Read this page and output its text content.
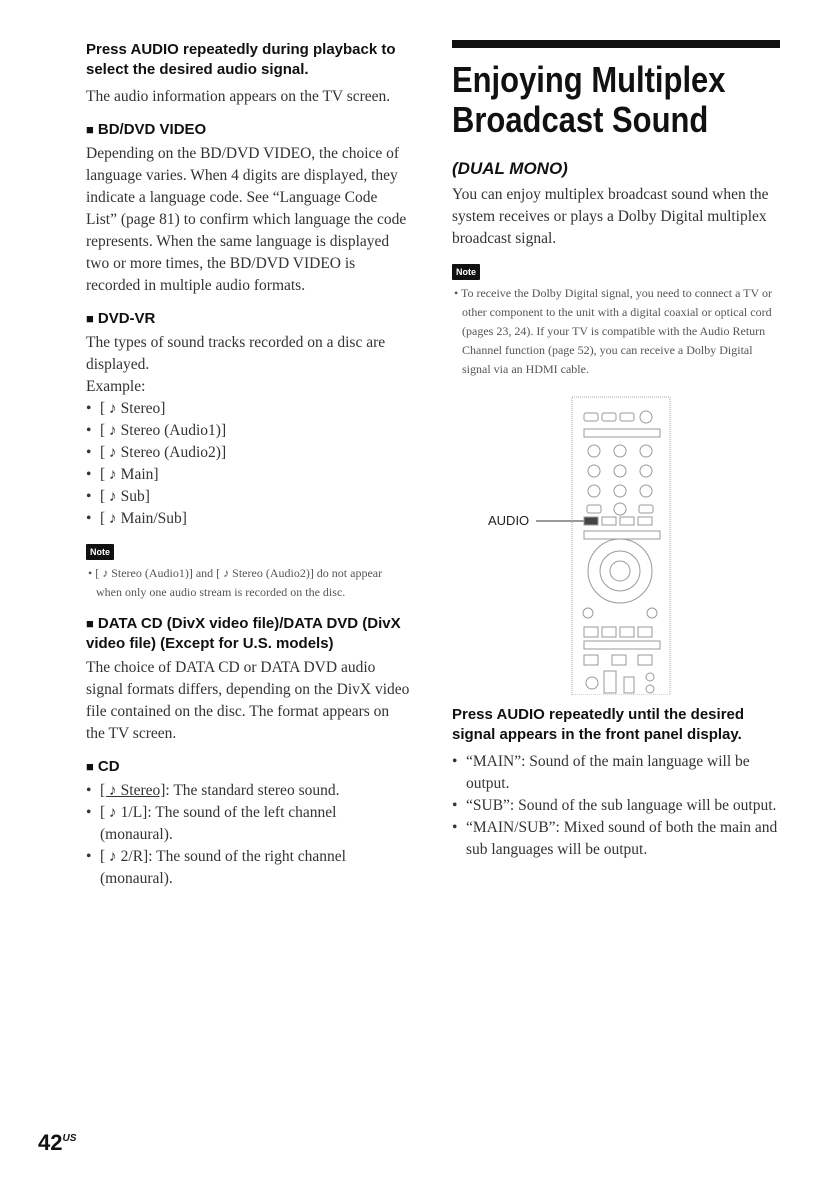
Press AUDIO repeatedly during playback to select the desired audio signal.

The audio information appears on the TV screen.

■ BD/DVD VIDEO

Depending on the BD/DVD VIDEO, the choice of language varies. When 4 digits are displayed, they indicate a language code. See “Language Code List” (page 81) to confirm which language the code represents. When the same language is displayed two or more times, the BD/DVD VIDEO is recorded in multiple audio formats.

■ DVD-VR

The types of sound tracks recorded on a disc are displayed.

Example:

• [ ♪ Stereo]
• [ ♪ Stereo (Audio1)]
• [ ♪ Stereo (Audio2)]
• [ ♪ Main]
• [ ♪ Sub]
• [ ♪ Main/Sub]
Note

• [ ♪ Stereo (Audio1)] and [ ♪ Stereo (Audio2)] do not appear when only one audio stream is recorded on the disc.

■ DATA CD (DivX video file)/DATA DVD (DivX video file) (Except for U.S. models)

The choice of DATA CD or DATA DVD audio signal formats differs, depending on the DivX video file contained on the disc. The format appears on the TV screen.

■ CD
• [ ♪ Stereo]: The standard stereo sound.
• [ ♪ 1/L]: The sound of the left channel (monaural).
• [ ♪ 2/R]: The sound of the right channel (monaural).
Enjoying Multiplex
Broadcast Sound
(DUAL MONO)

You can enjoy multiplex broadcast sound when the system receives or plays a Dolby Digital multiplex broadcast signal.

Note

• To receive the Dolby Digital signal, you need to connect a TV or other component to the unit with a digital coaxial or optical cord (pages 23, 24). If your TV is compatible with the Audio Return Channel function (page 52), you can receive a Dolby Digital signal via an HDMI cable.

AUDIO

Press AUDIO repeatedly until the desired signal appears in the front panel display.

• “MAIN”: Sound of the main language will be output.
• “SUB”: Sound of the sub language will be output.
• “MAIN/SUB”: Mixed sound of both the main and sub languages will be output.
$42^{US}$
